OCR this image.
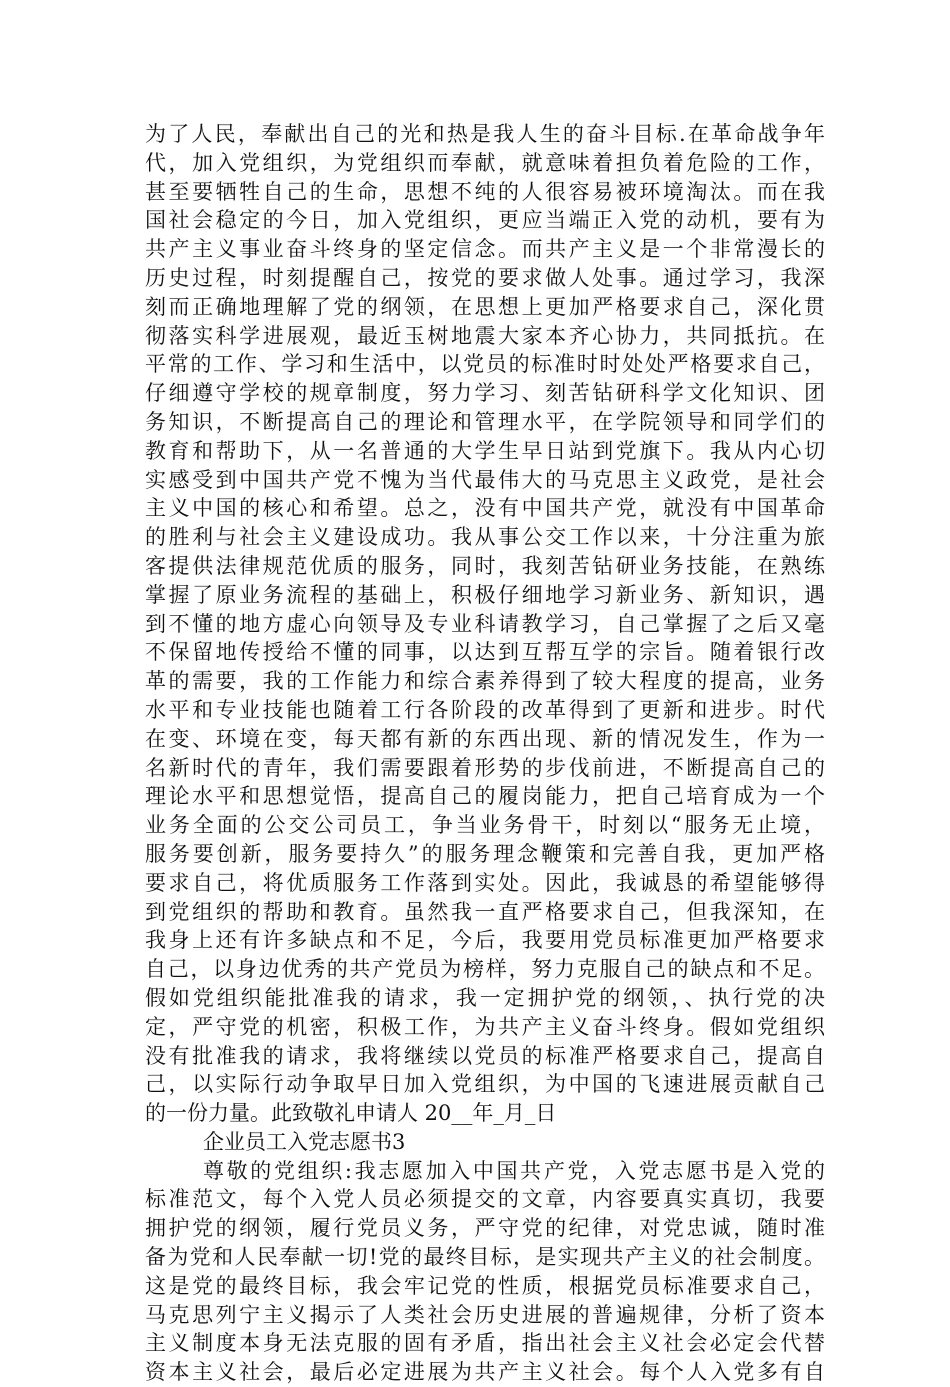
为了人民，奉献出自己的光和热是我人生的奋斗目标.在革命战争年
代，加入党组织，为党组织而奉献，就意味着担负着危险的工作，
甚至要牺牲自己的生命，思想不纯的人很容易被环境淘汰。而在我
国社会稳定的今日，加入党组织，更应当端正入党的动机，要有为
共产主义事业奋斗终身的坚定信念。而共产主义是一个非常漫长的
历史过程，时刻提醒自己，按党的要求做人处事。通过学习，我深
刻而正确地理解了党的纲领，在思想上更加严格要求自己，深化贯
彻落实科学进展观，最近玉树地震大家本齐心协力，共同抵抗。在
平常的工作、学习和生活中，以党员的标准时时处处严格要求自己，
仔细遵守学校的规章制度，努力学习、刻苦钻研科学文化知识、团
务知识，不断提高自己的理论和管理水平，在学院领导和同学们的
教育和帮助下，从一名普通的大学生早日站到党旗下。我从内心切
实感受到中国共产党不愧为当代最伟大的马克思主义政党，是社会
主义中国的核心和希望。总之，没有中国共产党，就没有中国革命
的胜利与社会主义建设成功。我从事公交工作以来，十分注重为旅
客提供法律规范优质的服务，同时，我刻苦钻研业务技能，在熟练
掌握了原业务流程的基础上，积极仔细地学习新业务、新知识，遇
到不懂的地方虚心向领导及专业科请教学习，自己掌握了之后又毫
不保留地传授给不懂的同事，以达到互帮互学的宗旨。随着银行改
革的需要，我的工作能力和综合素养得到了较大程度的提高，业务
水平和专业技能也随着工行各阶段的改革得到了更新和进步。时代
在变、环境在变，每天都有新的东西出现、新的情况发生，作为一
名新时代的青年，我们需要跟着形势的步伐前进，不断提高自己的
理论水平和思想觉悟，提高自己的履岗能力，把自己培育成为一个
业务全面的公交公司员工，争当业务骨干，时刻以“服务无止境，
服务要创新，服务要持久”的服务理念鞭策和完善自我，更加严格
要求自己，将优质服务工作落到实处。因此，我诚恳的希望能够得
到党组织的帮助和教育。虽然我一直严格要求自己，但我深知，在
我身上还有许多缺点和不足，今后，我要用党员标准更加严格要求
自己，以身边优秀的共产党员为榜样，努力克服自己的缺点和不足。
假如党组织能批准我的请求，我一定拥护党的纲领，、执行党的决
定，严守党的机密，积极工作，为共产主义奋斗终身。假如党组织
没有批准我的请求，我将继续以党员的标准严格要求自己，提高自
己，以实际行动争取早日加入党组织，为中国的飞速进展贡献自己
的一份力量。此致敬礼申请人 20__年_月_日
企业员工入党志愿书3
尊敬的党组织:我志愿加入中国共产党，入党志愿书是入党的
标准范文，每个入党人员必须提交的文章，内容要真实真切，我要
拥护党的纲领，履行党员义务，严守党的纪律，对党忠诚，随时准
备为党和人民奉献一切!党的最终目标，是实现共产主义的社会制度。
这是党的最终目标，我会牢记党的性质，根据党员标准要求自己，
马克思列宁主义揭示了人类社会历史进展的普遍规律，分析了资本
主义制度本身无法克服的固有矛盾，指出社会主义社会必定会代替
资本主义社会，最后必定进展为共产主义社会。每个人入党多有自
